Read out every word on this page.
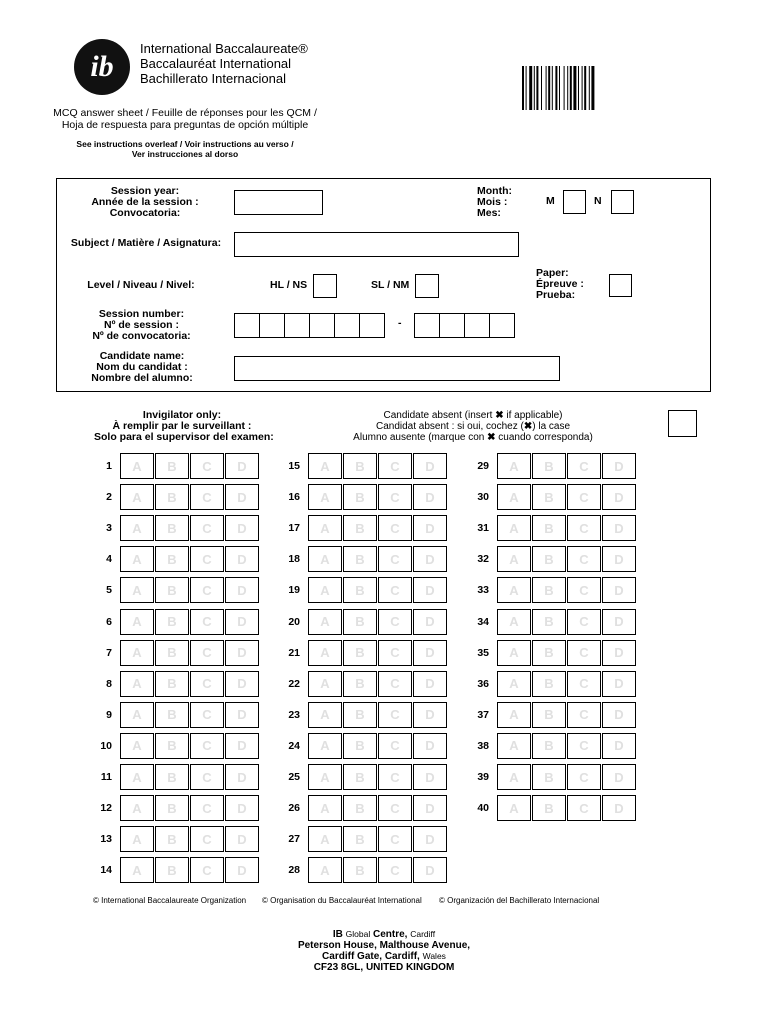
ib
International Baccalaureate®
Baccalauréat International
Bachillerato Internacional
MCQ answer sheet / Feuille de réponses pour les QCM /
Hoja de respuesta para preguntas de opción múltiple
See instructions overleaf / Voir instructions au verso /
Ver instrucciones al dorso
Session year:
Année de la session :
Convocatoria:
Month:
Mois :
Mes:
M	N
Subject / Matière / Asignatura:
Level / Niveau / Nivel:	HL / NS	SL / NM
Paper:
Épreuve :
Prueba:
Session number:
Nº de session :
Nº de convocatoria:
-
Candidate name:
Nom du candidat :
Nombre del alumno:
Invigilator only:
À remplir par le surveillant :
Solo para el supervisor del examen:
Candidate absent (insert ✖ if applicable)
Candidat absent : si oui, cochez (✖) la case
Alumno ausente (marque con ✖ cuando corresponda)
1	A	B	C	D
2	A	B	C	D
3	A	B	C	D
4	A	B	C	D
5	A	B	C	D
6	A	B	C	D
7	A	B	C	D
8	A	B	C	D
9	A	B	C	D
10	A	B	C	D
11	A	B	C	D
12	A	B	C	D
13	A	B	C	D
14	A	B	C	D
15	A	B	C	D
16	A	B	C	D
17	A	B	C	D
18	A	B	C	D
19	A	B	C	D
20	A	B	C	D
21	A	B	C	D
22	A	B	C	D
23	A	B	C	D
24	A	B	C	D
25	A	B	C	D
26	A	B	C	D
27	A	B	C	D
28	A	B	C	D
29	A	B	C	D
30	A	B	C	D
31	A	B	C	D
32	A	B	C	D
33	A	B	C	D
34	A	B	C	D
35	A	B	C	D
36	A	B	C	D
37	A	B	C	D
38	A	B	C	D
39	A	B	C	D
40	A	B	C	D
© International Baccalaureate Organization © Organisation du Baccalauréat International © Organización del Bachillerato Internacional
IB Global Centre, Cardiff
Peterson House, Malthouse Avenue,
Cardiff Gate, Cardiff, Wales
CF23 8GL, UNITED KINGDOM
